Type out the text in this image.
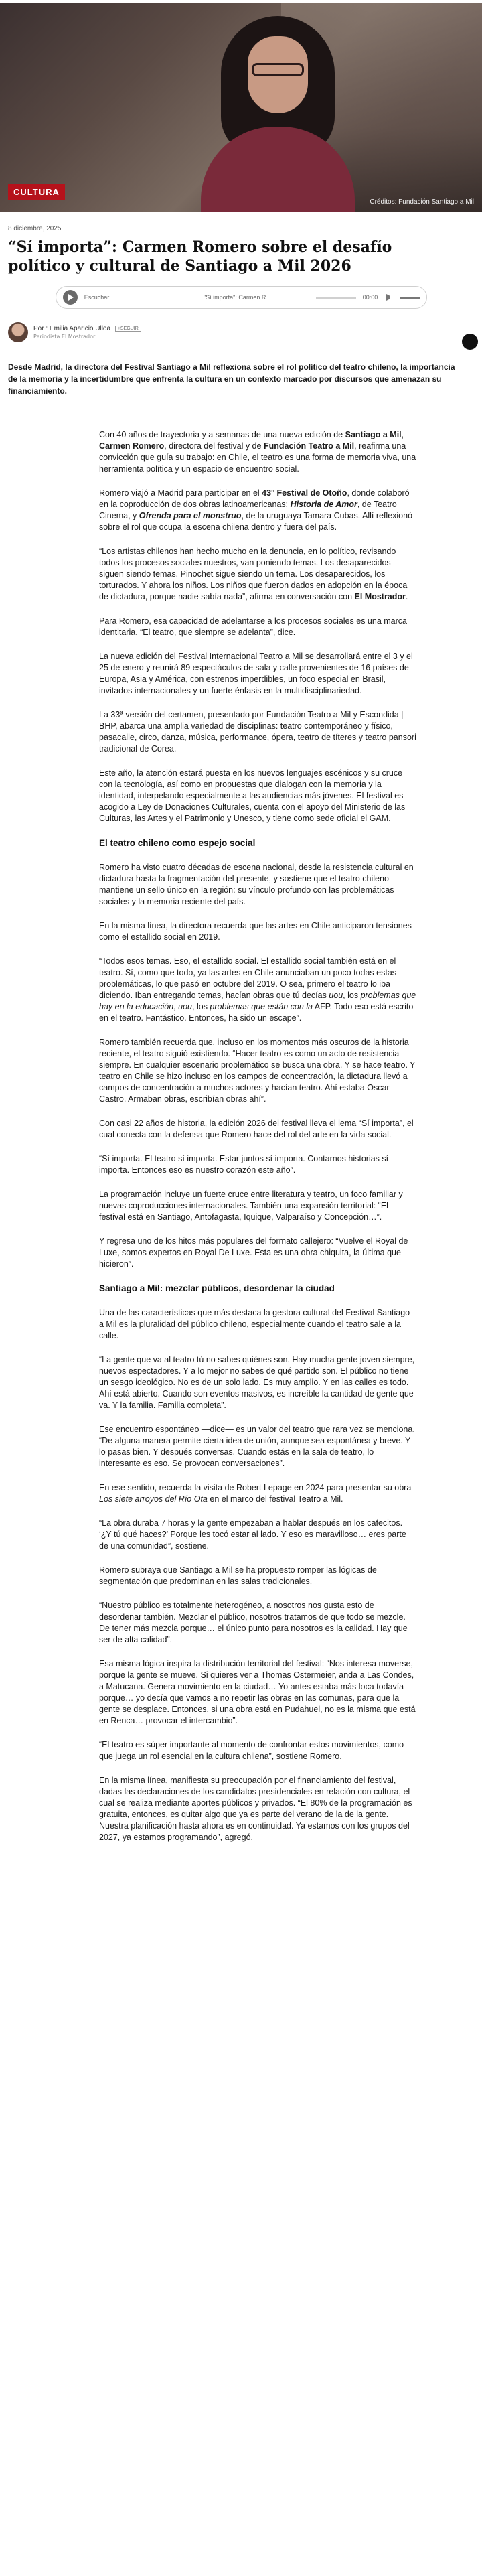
CULTURA
Créditos: Fundación Santiago a Mil
8 diciembre, 2025
“Sí importa”: Carmen Romero sobre el desafío político y cultural de Santiago a Mil 2026
Escuchar	"Sí importa": Carmen R	00:00
Por : Emilia Aparicio Ulloa +SEGUIR
Periodista El Mostrador
Desde Madrid, la directora del Festival Santiago a Mil reflexiona sobre el rol político del teatro chileno, la importancia de la memoria y la incertidumbre que enfrenta la cultura en un contexto marcado por discursos que amenazan su financiamiento.

Con 40 años de trayectoria y a semanas de una nueva edición de Santiago a Mil, Carmen Romero, directora del festival y de Fundación Teatro a Mil, reafirma una convicción que guía su trabajo: en Chile, el teatro es una forma de memoria viva, una herramienta política y un espacio de encuentro social.

Romero viajó a Madrid para participar en el 43° Festival de Otoño, donde colaboró en la coproducción de dos obras latinoamericanas: Historia de Amor, de Teatro Cinema, y Ofrenda para el monstruo, de la uruguaya Tamara Cubas. Allí reflexionó sobre el rol que ocupa la escena chilena dentro y fuera del país.

“Los artistas chilenos han hecho mucho en la denuncia, en lo político, revisando todos los procesos sociales nuestros, van poniendo temas. Los desaparecidos siguen siendo temas. Pinochet sigue siendo un tema. Los desaparecidos, los torturados. Y ahora los niños. Los niños que fueron dados en adopción en la época de dictadura, porque nadie sabía nada”, afirma en conversación con El Mostrador.

Para Romero, esa capacidad de adelantarse a los procesos sociales es una marca identitaria. “El teatro, que siempre se adelanta”, dice.

La nueva edición del Festival Internacional Teatro a Mil se desarrollará entre el 3 y el 25 de enero y reunirá 89 espectáculos de sala y calle provenientes de 16 países de Europa, Asia y América, con estrenos imperdibles, un foco especial en Brasil, invitados internacionales y un fuerte énfasis en la multidisciplinariedad.

La 33ª versión del certamen, presentado por Fundación Teatro a Mil y Escondida | BHP, abarca una amplia variedad de disciplinas: teatro contemporáneo y físico, pasacalle, circo, danza, música, performance, ópera, teatro de títeres y teatro pansori tradicional de Corea.

Este año, la atención estará puesta en los nuevos lenguajes escénicos y su cruce con la tecnología, así como en propuestas que dialogan con la memoria y la identidad, interpelando especialmente a las audiencias más jóvenes. El festival es acogido a Ley de Donaciones Culturales, cuenta con el apoyo del Ministerio de las Culturas, las Artes y el Patrimonio y Unesco, y tiene como sede oficial el GAM.

El teatro chileno como espejo social

Romero ha visto cuatro décadas de escena nacional, desde la resistencia cultural en dictadura hasta la fragmentación del presente, y sostiene que el teatro chileno mantiene un sello único en la región: su vínculo profundo con las problemáticas sociales y la memoria reciente del país.

En la misma línea, la directora recuerda que las artes en Chile anticiparon tensiones como el estallido social en 2019.

“Todos esos temas. Eso, el estallido social. El estallido social también está en el teatro. Sí, como que todo, ya las artes en Chile anunciaban un poco todas estas problemáticas, lo que pasó en octubre del 2019. O sea, primero el teatro lo iba diciendo. Iban entregando temas, hacían obras que tú decías uou, los problemas que hay en la educación, uou, los problemas que están con la AFP. Todo eso está escrito en el teatro. Fantástico. Entonces, ha sido un escape”.

Romero también recuerda que, incluso en los momentos más oscuros de la historia reciente, el teatro siguió existiendo. “Hacer teatro es como un acto de resistencia siempre. En cualquier escenario problemático se busca una obra. Y se hace teatro. Y teatro en Chile se hizo incluso en los campos de concentración, la dictadura llevó a campos de concentración a muchos actores y hacían teatro. Ahí estaba Oscar Castro. Armaban obras, escribían obras ahí”.

Con casi 22 años de historia, la edición 2026 del festival lleva el lema “Sí importa”, el cual conecta con la defensa que Romero hace del rol del arte en la vida social.

“Sí importa. El teatro sí importa. Estar juntos sí importa. Contarnos historias sí importa. Entonces eso es nuestro corazón este año”.

La programación incluye un fuerte cruce entre literatura y teatro, un foco familiar y nuevas coproducciones internacionales. También una expansión territorial: “El festival está en Santiago, Antofagasta, Iquique, Valparaíso y Concepción…”.

Y regresa uno de los hitos más populares del formato callejero: “Vuelve el Royal de Luxe, somos expertos en Royal De Luxe. Esta es una obra chiquita, la última que hicieron”.

Santiago a Mil: mezclar públicos, desordenar la ciudad

Una de las características que más destaca la gestora cultural del Festival Santiago a Mil es la pluralidad del público chileno, especialmente cuando el teatro sale a la calle.

“La gente que va al teatro tú no sabes quiénes son. Hay mucha gente joven siempre, nuevos espectadores. Y a lo mejor no sabes de qué partido son. El público no tiene un sesgo ideológico. No es de un solo lado. Es muy amplio. Y en las calles es todo. Ahí está abierto. Cuando son eventos masivos, es increíble la cantidad de gente que va. Y la familia. Familia completa”.

Ese encuentro espontáneo —dice— es un valor del teatro que rara vez se menciona. “De alguna manera permite cierta idea de unión, aunque sea espontánea y breve. Y lo pasas bien. Y después conversas. Cuando estás en la sala de teatro, lo interesante es eso. Se provocan conversaciones”.

En ese sentido, recuerda la visita de Robert Lepage en 2024 para presentar su obra Los siete arroyos del Río Ota en el marco del festival Teatro a Mil.

“La obra duraba 7 horas y la gente empezaban a hablar después en los cafecitos. ‘¿Y tú qué haces?’ Porque les tocó estar al lado. Y eso es maravilloso… eres parte de una comunidad”, sostiene.

Romero subraya que Santiago a Mil se ha propuesto romper las lógicas de segmentación que predominan en las salas tradicionales.

“Nuestro público es totalmente heterogéneo, a nosotros nos gusta esto de desordenar también. Mezclar el público, nosotros tratamos de que todo se mezcle. De tener más mezcla porque… el único punto para nosotros es la calidad. Hay que ser de alta calidad”.

Esa misma lógica inspira la distribución territorial del festival: “Nos interesa moverse, porque la gente se mueve. Si quieres ver a Thomas Ostermeier, anda a Las Condes, a Matucana. Genera movimiento en la ciudad… Yo antes estaba más loca todavía porque… yo decía que vamos a no repetir las obras en las comunas, para que la gente se desplace. Entonces, si una obra está en Pudahuel, no es la misma que está en Renca… provocar el intercambio”.

“El teatro es súper importante al momento de confrontar estos movimientos, como que juega un rol esencial en la cultura chilena”, sostiene Romero.

En la misma línea, manifiesta su preocupación por el financiamiento del festival, dadas las declaraciones de los candidatos presidenciales en relación con cultura, el cual se realiza mediante aportes públicos y privados. “El 80% de la programación es gratuita, entonces, es quitar algo que ya es parte del verano de la de la gente. Nuestra planificación hasta ahora es en continuidad. Ya estamos con los grupos del 2027, ya estamos programando”, agregó.
